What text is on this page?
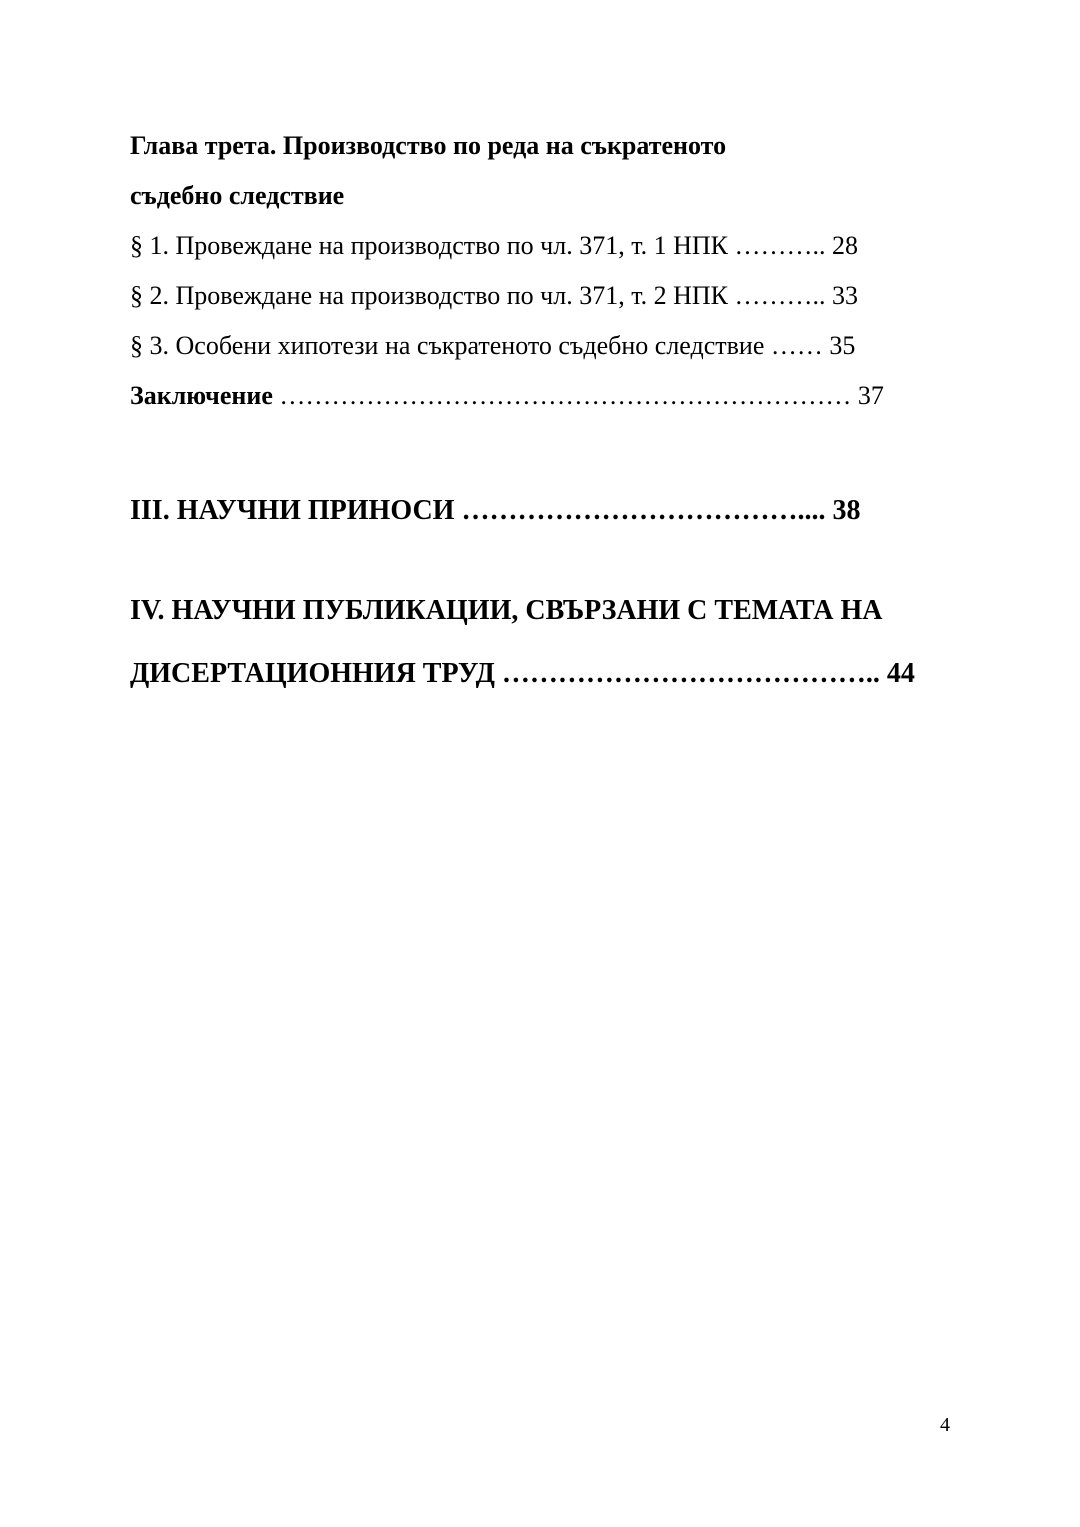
Глава трета. Производство по реда на съкратеното
съдебно следствие
§ 1. Провеждане на производство по чл. 371, т. 1 НПК ……….. 28
§ 2. Провеждане на производство по чл. 371, т. 2 НПК ……….. 33
§ 3. Особени хипотези на съкратеното съдебно следствие …… 35
Заключение ………………………………………………………… 37
III. НАУЧНИ ПРИНОСИ ……………………………….... 38
IV. НАУЧНИ ПУБЛИКАЦИИ, СВЪРЗАНИ С ТЕМАТА НА
ДИСЕРТАЦИОННИЯ ТРУД ………………………………….. 44
4
